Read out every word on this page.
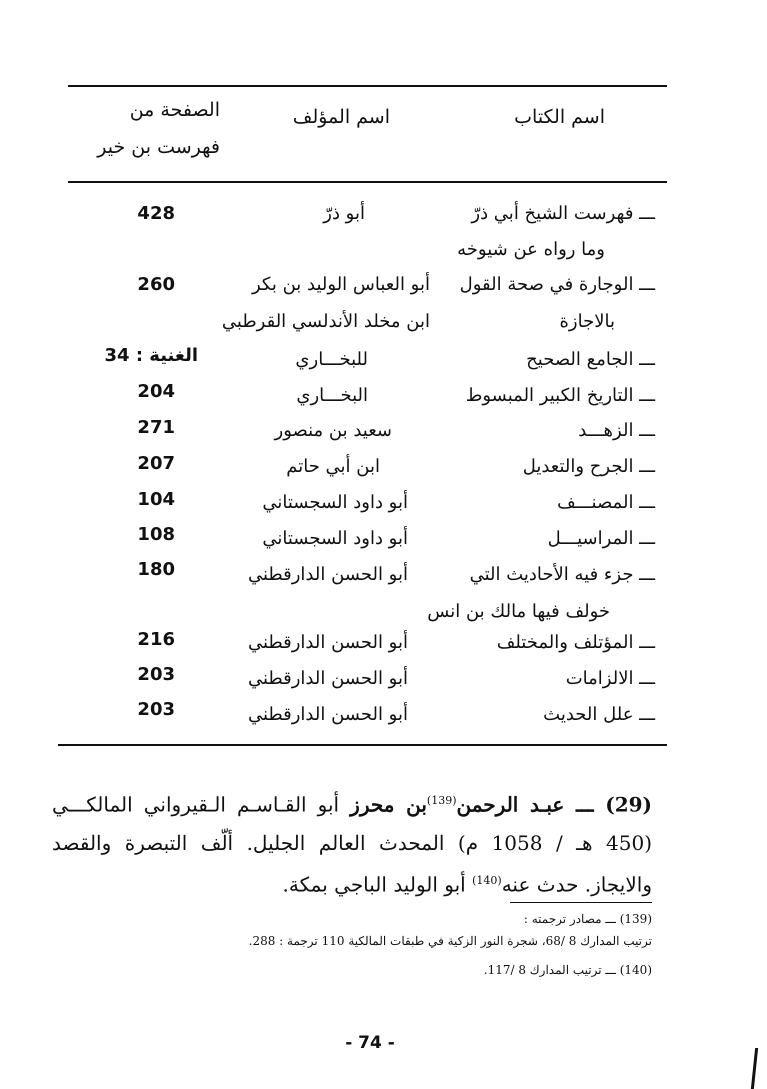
اسم الكتاب
اسم المؤلف
الصفحة من
فهرست بن خير
ـــ فهرست الشيخ أبي ذرّ
وما رواه عن شيوخه
أبو ذرّ
428
ـــ الوجارة في صحة القول
بالاجازة
أبو العباس الوليد بن بكر
ابن مخلد الأندلسي القرطبي
260
ـــ الجامع الصحيح
للبخـــاري
الغنية : 34
ـــ التاريخ الكبير المبسوط
البخـــاري
204
ـــ الزهـــد
سعيد بن منصور
271
ـــ الجرح والتعديل
ابن أبي حاتم
207
ـــ المصنـــف
أبو داود السجستاني
104
ـــ المراسيـــل
أبو داود السجستاني
108
ـــ جزء فيه الأحاديث التي
خولف فيها مالك بن انس
أبو الحسن الدارقطني
180
ـــ المؤتلف والمختلف
أبو الحسن الدارقطني
216
ـــ الالزامات
أبو الحسن الدارقطني
203
ـــ علل الحديث
أبو الحسن الدارقطني
203
(29) ـــ عبـد الرحمن$^{(139)}$بن محرز أبو القـاسـم الـقيرواني المالكـــي (450 هـ / 1058 م) المحدث العالم الجليل. ألّف التبصرة والقصد والايجاز. حدث عنه$^{(140)}$ أبو الوليد الباجي بمكة.
(139) ـــ مصادر ترجمته :
ترتيب المدارك 8 /68، شجرة النور الزكية في طبقات المالكية 110 ترجمة : 288.
(140) ـــ ترتيب المدارك 8 /117.
- 74 -
